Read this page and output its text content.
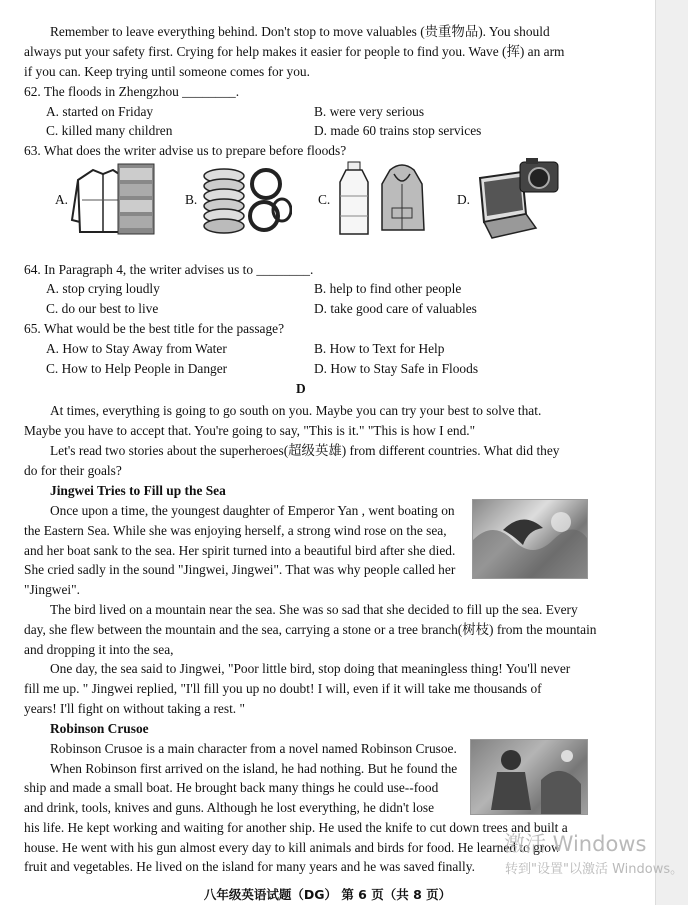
Remember to leave everything behind. Don't stop to move valuables (贵重物品). You should
always put your safety first. Crying for help makes it easier for people to find you. Wave (挥) an arm
if you can. Keep trying until someone comes for you.
62. The floods in Zhengzhou ________.
A. started on Friday	B. were very serious
C. killed many children	D. made 60 trains stop services
63. What does the writer advise us to prepare before floods?
A.	B.	C.	D.
64. In Paragraph 4, the writer advises us to ________.
A. stop crying loudly	B. help to find other people
C. do our best to live	D. take good care of valuables
65. What would be the best title for the passage?
A. How to Stay Away from Water	B. How to Text for Help
C. How to Help People in Danger	D. How to Stay Safe in Floods
D
At times, everything is going to go south on you. Maybe you can try your best to solve that.
Maybe you have to accept that. You're going to say, "This is it." "This is how I end."
Let's read two stories about the superheroes(超级英雄) from different countries. What did they
do for their goals?
Jingwei Tries to Fill up the Sea
Once upon a time, the youngest daughter of Emperor Yan , went boating on
the Eastern Sea. While she was enjoying herself, a strong wind rose on the sea,
and her boat sank to the sea. Her spirit turned into a beautiful bird after she died.
She cried sadly in the sound "Jingwei, Jingwei". That was why people called her
"Jingwei".
The bird lived on a mountain near the sea. She was so sad that she decided to fill up the sea. Every
day, she flew between the mountain and the sea, carrying a stone or a tree branch(树枝) from the mountain
and dropping it into the sea,
One day, the sea said to Jingwei, "Poor little bird, stop doing that meaningless thing! You'll never
fill me up. " Jingwei replied, "I'll fill you up no doubt! I will, even if it will take me thousands of
years! I'll fight on without taking a rest. "
Robinson Crusoe
Robinson Crusoe is a main character from a novel named Robinson Crusoe.
When Robinson first arrived on the island, he had nothing. But he found the
ship and made a small boat. He brought back many things he could use--food
and drink, tools, knives and guns. Although he lost everything, he didn't lose
his life. He kept working and waiting for another ship. He used the knife to cut down trees and built a
house. He went with his gun almost every day to kill animals and birds for food. He learned to grow
fruit and vegetables. He lived on the island for many years and he was saved finally.
八年级英语试题（DG） 第 6 页（共 8 页）
激活 Windows
转到"设置"以激活 Windows。
